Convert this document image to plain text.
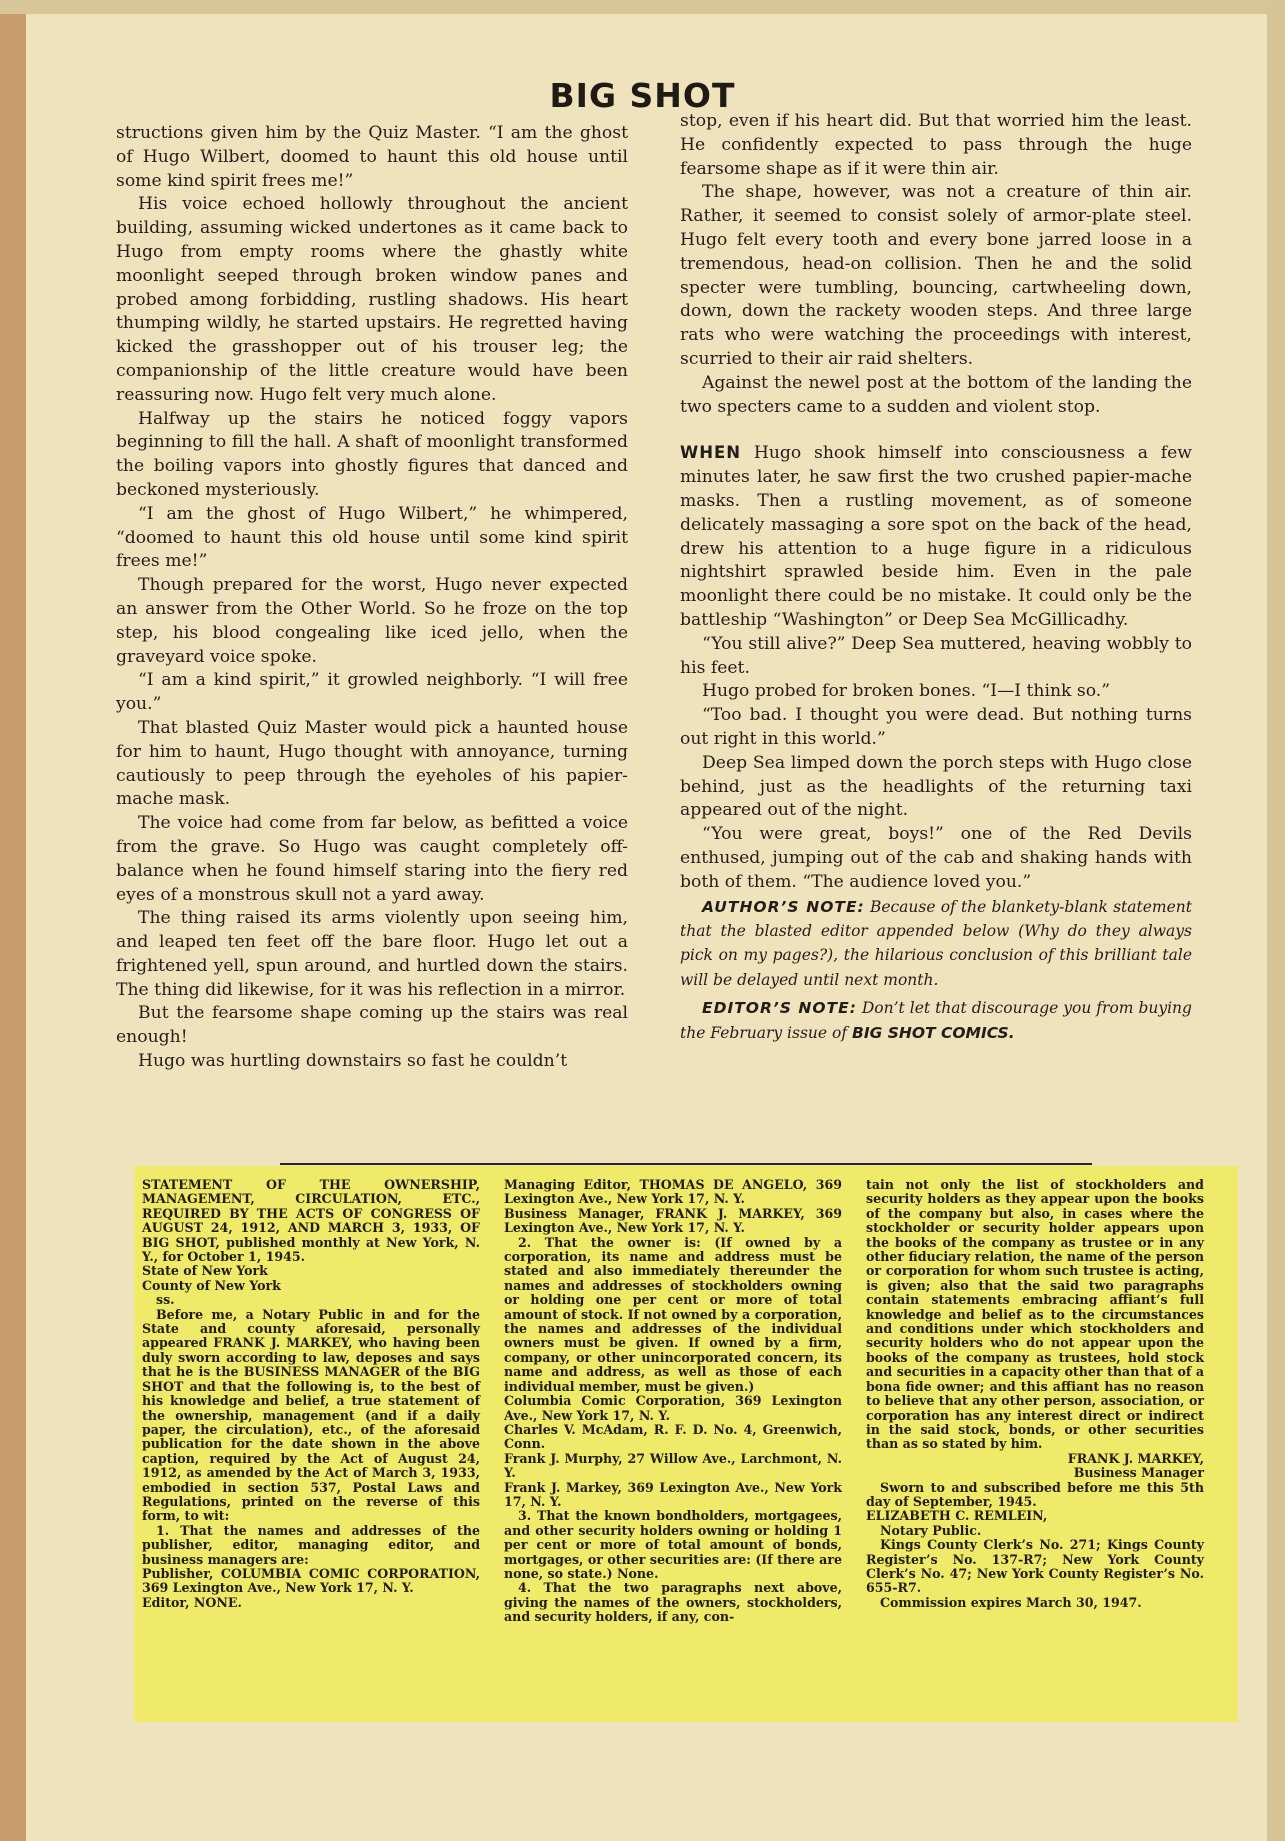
BIG SHOT

structions given him by the Quiz Master. “I am the ghost of Hugo Wilbert, doomed to haunt this old house until some kind spirit frees me!”

His voice echoed hollowly throughout the ancient building, assuming wicked undertones as it came back to Hugo from empty rooms where the ghastly white moonlight seeped through broken window panes and probed among forbidding, rustling shadows. His heart thumping wildly, he started upstairs. He regretted having kicked the grasshopper out of his trouser leg; the companionship of the little creature would have been reassuring now. Hugo felt very much alone.

Halfway up the stairs he noticed foggy vapors beginning to fill the hall. A shaft of moonlight transformed the boiling vapors into ghostly figures that danced and beckoned mysteriously.

“I am the ghost of Hugo Wilbert,” he whimpered, “doomed to haunt this old house until some kind spirit frees me!”

Though prepared for the worst, Hugo never expected an answer from the Other World. So he froze on the top step, his blood congealing like iced jello, when the graveyard voice spoke.

“I am a kind spirit,” it growled neighborly. “I will free you.”

That blasted Quiz Master would pick a haunted house for him to haunt, Hugo thought with annoyance, turning cautiously to peep through the eyeholes of his papier-mache mask.

The voice had come from far below, as befitted a voice from the grave. So Hugo was caught completely off-balance when he found himself staring into the fiery red eyes of a monstrous skull not a yard away.

The thing raised its arms violently upon seeing him, and leaped ten feet off the bare floor. Hugo let out a frightened yell, spun around, and hurtled down the stairs. The thing did likewise, for it was his reflection in a mirror.

But the fearsome shape coming up the stairs was real enough!

Hugo was hurtling downstairs so fast he couldn’t

stop, even if his heart did. But that worried him the least. He confidently expected to pass through the huge fearsome shape as if it were thin air.

The shape, however, was not a creature of thin air. Rather, it seemed to consist solely of armor-plate steel. Hugo felt every tooth and every bone jarred loose in a tremendous, head-on collision. Then he and the solid specter were tumbling, bouncing, cartwheeling down, down, down the rackety wooden steps. And three large rats who were watching the proceedings with interest, scurried to their air raid shelters.

Against the newel post at the bottom of the landing the two specters came to a sudden and violent stop.

WHEN Hugo shook himself into consciousness a few minutes later, he saw first the two crushed papier-mache masks. Then a rustling movement, as of someone delicately massaging a sore spot on the back of the head, drew his attention to a huge figure in a ridiculous nightshirt sprawled beside him. Even in the pale moonlight there could be no mistake. It could only be the battleship “Washington” or Deep Sea McGillicadhy.

“You still alive?” Deep Sea muttered, heaving wobbly to his feet.

Hugo probed for broken bones. “I—I think so.”

“Too bad. I thought you were dead. But nothing turns out right in this world.”

Deep Sea limped down the porch steps with Hugo close behind, just as the headlights of the returning taxi appeared out of the night.

“You were great, boys!” one of the Red Devils enthused, jumping out of the cab and shaking hands with both of them. “The audience loved you.”

AUTHOR’S NOTE: Because of the blankety-blank statement that the blasted editor appended below (Why do they always pick on my pages?), the hilarious conclusion of this brilliant tale will be delayed until next month.

EDITOR’S NOTE: Don’t let that discourage you from buying the February issue of BIG SHOT COMICS.

STATEMENT OF THE OWNERSHIP, MANAGEMENT, CIRCULATION, ETC., REQUIRED BY THE ACTS OF CONGRESS OF AUGUST 24, 1912, AND MARCH 3, 1933, OF BIG SHOT, published monthly at New York, N. Y., for October 1, 1945.

State of New York

County of New York

ss.

Before me, a Notary Public in and for the State and county aforesaid, personally appeared FRANK J. MARKEY, who having been duly sworn according to law, deposes and says that he is the BUSINESS MANAGER of the BIG SHOT and that the following is, to the best of his knowledge and belief, a true statement of the ownership, management (and if a daily paper, the circulation), etc., of the aforesaid publication for the date shown in the above caption, required by the Act of August 24, 1912, as amended by the Act of March 3, 1933, embodied in section 537, Postal Laws and Regulations, printed on the reverse of this form, to wit:

1. That the names and addresses of the publisher, editor, managing editor, and business managers are:

Publisher, COLUMBIA COMIC CORPORATION, 369 Lexington Ave., New York 17, N. Y.

Editor, NONE.

Managing Editor, THOMAS DE ANGELO, 369 Lexington Ave., New York 17, N. Y.

Business Manager, FRANK J. MARKEY, 369 Lexington Ave., New York 17, N. Y.

2. That the owner is: (If owned by a corporation, its name and address must be stated and also immediately thereunder the names and addresses of stockholders owning or holding one per cent or more of total amount of stock. If not owned by a corporation, the names and addresses of the individual owners must be given. If owned by a firm, company, or other unincorporated concern, its name and address, as well as those of each individual member, must be given.)

Columbia Comic Corporation, 369 Lexington Ave., New York 17, N. Y.

Charles V. McAdam, R. F. D. No. 4, Greenwich, Conn.

Frank J. Murphy, 27 Willow Ave., Larchmont, N. Y.

Frank J. Markey, 369 Lexington Ave., New York 17, N. Y.

3. That the known bondholders, mortgagees, and other security holders owning or holding 1 per cent or more of total amount of bonds, mortgages, or other securities are: (If there are none, so state.) None.

4. That the two paragraphs next above, giving the names of the owners, stockholders, and security holders, if any, con-

tain not only the list of stockholders and security holders as they appear upon the books of the company but also, in cases where the stockholder or security holder appears upon the books of the company as trustee or in any other fiduciary relation, the name of the person or corporation for whom such trustee is acting, is given; also that the said two paragraphs contain statements embracing affiant’s full knowledge and belief as to the circumstances and conditions under which stockholders and security holders who do not appear upon the books of the company as trustees, hold stock and securities in a capacity other than that of a bona fide owner; and this affiant has no reason to believe that any other person, association, or corporation has any interest direct or indirect in the said stock, bonds, or other securities than as so stated by him.

FRANK J. MARKEY,

Business Manager

Sworn to and subscribed before me this 5th day of September, 1945.

ELIZABETH C. REMLEIN,

Notary Public.

Kings County Clerk’s No. 271; Kings County Register’s No. 137-R7; New York County Clerk’s No. 47; New York County Register’s No. 655-R7.

Commission expires March 30, 1947.
